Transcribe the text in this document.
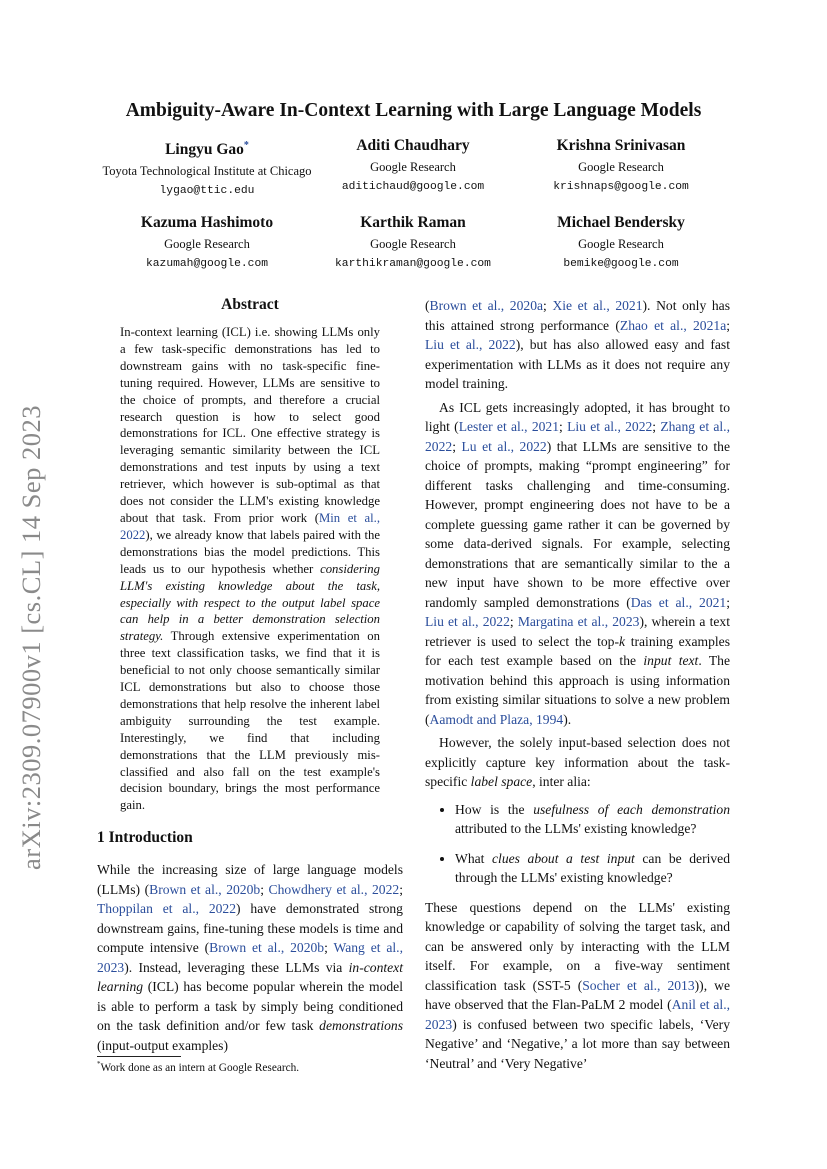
Ambiguity-Aware In-Context Learning with Large Language Models
Lingyu Gao*
Toyota Technological Institute at Chicago
lygao@ttic.edu
Aditi Chaudhary
Google Research
aditichaud@google.com
Krishna Srinivasan
Google Research
krishnaps@google.com
Kazuma Hashimoto
Google Research
kazumah@google.com
Karthik Raman
Google Research
karthikraman@google.com
Michael Bendersky
Google Research
bemike@google.com
arXiv:2309.07900v1 [cs.CL] 14 Sep 2023
Abstract
In-context learning (ICL) i.e. showing LLMs only a few task-specific demonstrations has led to downstream gains with no task-specific fine-tuning required. However, LLMs are sensitive to the choice of prompts, and therefore a crucial research question is how to select good demonstrations for ICL. One effective strategy is leveraging semantic similarity between the ICL demonstrations and test inputs by using a text retriever, which however is sub-optimal as that does not consider the LLM's existing knowledge about that task. From prior work (Min et al., 2022), we already know that labels paired with the demonstrations bias the model predictions. This leads us to our hypothesis whether considering LLM's existing knowledge about the task, especially with respect to the output label space can help in a better demonstration selection strategy. Through extensive experimentation on three text classification tasks, we find that it is beneficial to not only choose semantically similar ICL demonstrations but also to choose those demonstrations that help resolve the inherent label ambiguity surrounding the test example. Interestingly, we find that including demonstrations that the LLM previously mis-classified and also fall on the test example's decision boundary, brings the most performance gain.
1 Introduction
While the increasing size of large language models (LLMs) (Brown et al., 2020b; Chowdhery et al., 2022; Thoppilan et al., 2022) have demonstrated strong downstream gains, fine-tuning these models is time and compute intensive (Brown et al., 2020b; Wang et al., 2023). Instead, leveraging these LLMs via in-context learning (ICL) has become popular wherein the model is able to perform a task by simply being conditioned on the task definition and/or few task demonstrations (input-output examples)
*Work done as an intern at Google Research.

(Brown et al., 2020a; Xie et al., 2021). Not only has this attained strong performance (Zhao et al., 2021a; Liu et al., 2022), but has also allowed easy and fast experimentation with LLMs as it does not require any model training.

As ICL gets increasingly adopted, it has brought to light (Lester et al., 2021; Liu et al., 2022; Zhang et al., 2022; Lu et al., 2022) that LLMs are sensitive to the choice of prompts, making “prompt engineering” for different tasks challenging and time-consuming. However, prompt engineering does not have to be a complete guessing game rather it can be governed by some data-derived signals. For example, selecting demonstrations that are semantically similar to the a new input have shown to be more effective over randomly sampled demonstrations (Das et al., 2021; Liu et al., 2022; Margatina et al., 2023), wherein a text retriever is used to select the top-k training examples for each test example based on the input text. The motivation behind this approach is using information from existing similar situations to solve a new problem (Aamodt and Plaza, 1994).

However, the solely input-based selection does not explicitly capture key information about the task-specific label space, inter alia:

• How is the usefulness of each demonstration attributed to the LLMs' existing knowledge?
• What clues about a test input can be derived through the LLMs' existing knowledge?

These questions depend on the LLMs' existing knowledge or capability of solving the target task, and can be answered only by interacting with the LLM itself. For example, on a five-way sentiment classification task (SST-5 (Socher et al., 2013)), we have observed that the Flan-PaLM 2 model (Anil et al., 2023) is confused between two specific labels, ‘Very Negative’ and ‘Negative,’ a lot more than say between ‘Neutral’ and ‘Very Negative’
